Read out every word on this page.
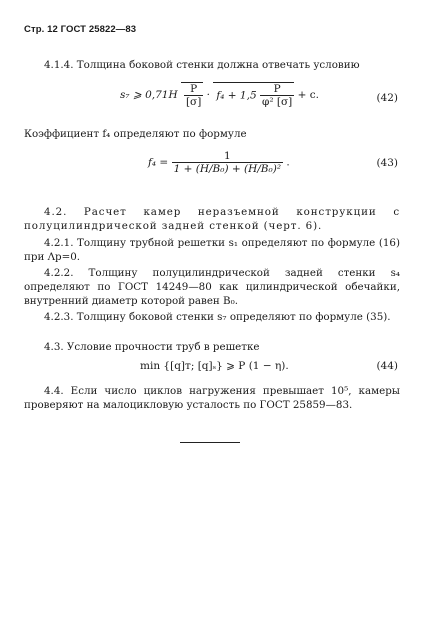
Стр. 12 ГОСТ 25822—83
4.1.4. Толщина боковой стенки должна отвечать условию
s₇ ⩾ $0,71H \frac{P}{[\sigma]} \cdot f_4 + 1,5 \frac{P}{\text{φ² [σ]}} + c$.	(42)
Коэффициент f₄ определяют по формуле
$f_4 = \frac{1}{\text{1 + (H/B₀) + (H/B₀)²}}$ .	(43)
4.2. Расчет камер неразъемной конструкции с полуцилиндрической задней стенкой (черт. 6).
4.2.1. Толщину трубной решетки s₁ определяют по формуле (16) при Λр=0.
4.2.2. Толщину полуцилиндрической задней стенки s₄ определяют по ГОСТ 14249—80 как цилиндрической обечайки, внутренний диаметр которой равен B₀.
4.2.3. Толщину боковой стенки s₇ определяют по формуле (35).
4.3. Условие прочности труб в решетке
min {[q]ᴛ; [q]ₛ} ⩾ P (1 − η).	(44)
4.4. Если число циклов нагружения превышает 10⁵, камеры проверяют на малоцикловую усталость по ГОСТ 25859—83.
